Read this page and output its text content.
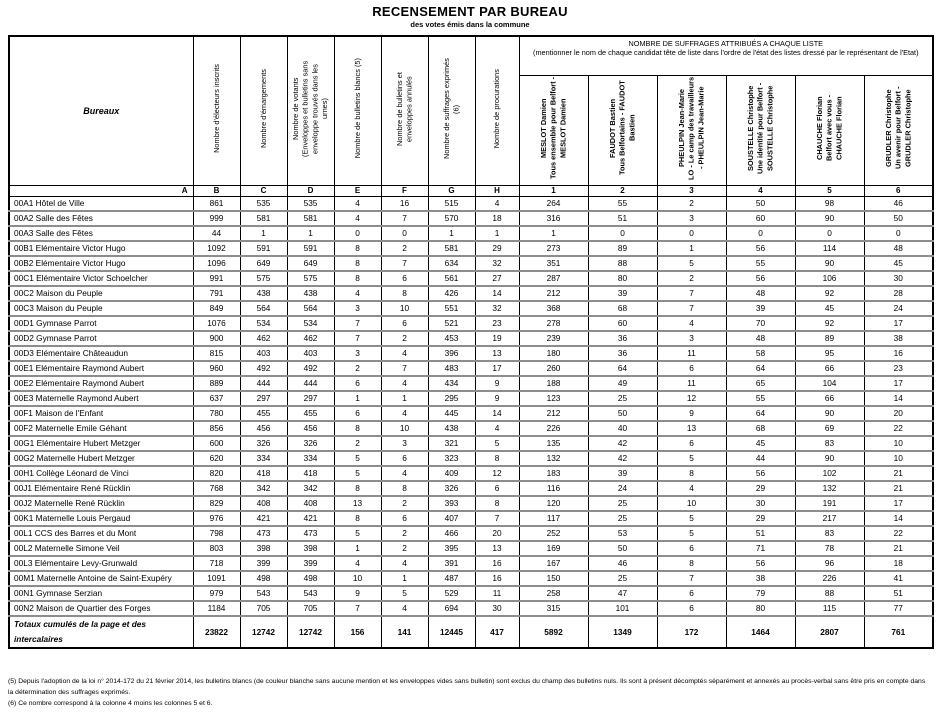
RECENSEMENT PAR BUREAU
des votes émis dans la commune
Bureaux	Nombre d'électeurs inscrits	Nombre d'émargements	Nombre de votants (Enveloppes et bulletins sans enveloppe trouvés dans les urnes)	Nombre de bulletins blancs (5)	Nombre de bulletins et enveloppes annulés	Nombre de suffrages exprimés (6)	Nombre de procurations	NOMBRE DE SUFFRAGES ATTRIBUÉS A CHAQUE LISTE
(mentionner le nom de chaque candidat tête de liste dans l'ordre de l'état des listes dressé par le représentant de l'Etat)					

								MESLOT Damien Tous ensemble pour Belfort - MESLOT Damien	FAUDOT Bastien Tous Belfortains - FAUDOT Bastien	PHEULPIN Jean-Marie LO - Le camp des travailleurs - PHEULPIN Jean-Marie	SOUSTELLE Christophe Une identité pour Belfort - SOUSTELLE Christophe	CHAUCHE Florian Belfort avec vous - CHAUCHE Florian	GRUDLER Christophe Un avenir pour Belfort - GRUDLER Christophe

A	B	C	D	E	F	G	H	1	2	3	4	5	6
00A1 Hôtel de Ville	861	535	535	4	16	515	4	264	55	2	50	98	46
00A2 Salle des Fêtes	999	581	581	4	7	570	18	316	51	3	60	90	50
00A3 Salle des Fêtes	44	1	1	0	0	1	1	1	0	0	0	0	0
00B1 Elémentaire Victor Hugo	1092	591	591	8	2	581	29	273	89	1	56	114	48
00B2 Elémentaire Victor Hugo	1096	649	649	8	7	634	32	351	88	5	55	90	45
00C1 Elémentaire Victor Schoelcher	991	575	575	8	6	561	27	287	80	2	56	106	30
00C2 Maison du Peuple	791	438	438	4	8	426	14	212	39	7	48	92	28
00C3 Maison du Peuple	849	564	564	3	10	551	32	368	68	7	39	45	24
00D1 Gymnase Parrot	1076	534	534	7	6	521	23	278	60	4	70	92	17
00D2 Gymnase Parrot	900	462	462	7	2	453	19	239	36	3	48	89	38
00D3 Elémentaire Châteaudun	815	403	403	3	4	396	13	180	36	11	58	95	16
00E1 Elémentaire Raymond Aubert	960	492	492	2	7	483	17	260	64	6	64	66	23
00E2 Elémentaire Raymond Aubert	889	444	444	6	4	434	9	188	49	11	65	104	17
00E3 Maternelle Raymond Aubert	637	297	297	1	1	295	9	123	25	12	55	66	14
00F1 Maison de l'Enfant	780	455	455	6	4	445	14	212	50	9	64	90	20
00F2 Maternelle Emile Géhant	856	456	456	8	10	438	4	226	40	13	68	69	22
00G1 Elémentaire Hubert Metzger	600	326	326	2	3	321	5	135	42	6	45	83	10
00G2 Maternelle Hubert Metzger	620	334	334	5	6	323	8	132	42	5	44	90	10
00H1 Collège Léonard de Vinci	820	418	418	5	4	409	12	183	39	8	56	102	21
00J1 Elémentaire René Rücklin	768	342	342	8	8	326	6	116	24	4	29	132	21
00J2 Maternelle René Rücklin	829	408	408	13	2	393	8	120	25	10	30	191	17
00K1 Maternelle Louis Pergaud	976	421	421	8	6	407	7	117	25	5	29	217	14
00L1 CCS des Barres et du Mont	798	473	473	5	2	466	20	252	53	5	51	83	22
00L2 Maternelle Simone Veil	803	398	398	1	2	395	13	169	50	6	71	78	21
00L3 Elémentaire Levy-Grunwald	718	399	399	4	4	391	16	167	46	8	56	96	18
00M1 Maternelle Antoine de Saint-Exupéry	1091	498	498	10	1	487	16	150	25	7	38	226	41
00N1 Gymnase Serzian	979	543	543	9	5	529	11	258	47	6	79	88	51
00N2 Maison de Quartier des Forges	1184	705	705	7	4	694	30	315	101	6	80	115	77
Totaux cumulés de la page et des intercalaires	23822	12742	12742	156	141	12445	417	5892	1349	172	1464	2807	761
(5) Depuis l'adoption de la loi n° 2014-172 du 21 février 2014, les bulletins blancs (de couleur blanche sans aucune mention et les enveloppes vides sans bulletin) sont exclus du champ des bulletins nuls. Ils sont à présent décomptés séparément et annexés au procès-verbal sans être pris en compte dans la détermination des suffrages exprimés.
(6) Ce nombre correspond à la colonne 4 moins les colonnes 5 et 6.
